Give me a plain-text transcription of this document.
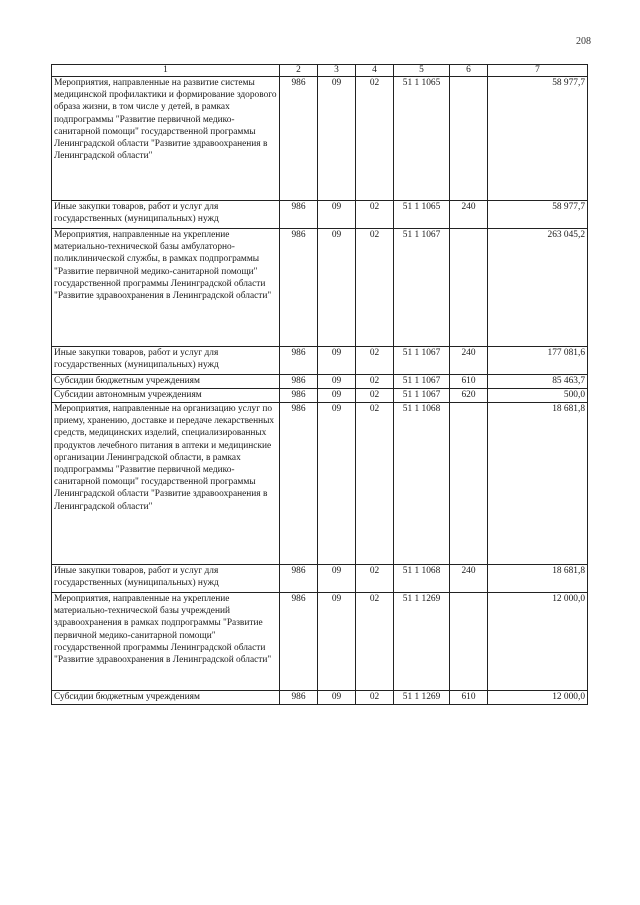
208
1	2	3	4	5	6	7
Мероприятия, направленные на развитие системы медицинской профилактики и формирование здорового образа жизни, в том числе у детей, в рамках подпрограммы "Развитие первичной медико-санитарной помощи" государственной программы Ленинградской области "Развитие здравоохранения в Ленинградской области"	986	09	02	51 1 1065		58 977,7
Иные закупки товаров, работ и услуг для государственных (муниципальных) нужд	986	09	02	51 1 1065	240	58 977,7
Мероприятия, направленные на укрепление материально-технической базы амбулаторно-поликлинической службы, в рамках подпрограммы "Развитие первичной медико-санитарной помощи" государственной программы Ленинградской области "Развитие здравоохранения в Ленинградской области"	986	09	02	51 1 1067		263 045,2
Иные закупки товаров, работ и услуг для государственных (муниципальных) нужд	986	09	02	51 1 1067	240	177 081,6
Субсидии бюджетным учреждениям	986	09	02	51 1 1067	610	85 463,7
Субсидии автономным учреждениям	986	09	02	51 1 1067	620	500,0
Мероприятия, направленные на организацию услуг по приему, хранению, доставке и передаче лекарственных средств, медицинских изделий, специализированных продуктов лечебного питания в аптеки и медицинские организации Ленинградской области, в рамках подпрограммы "Развитие первичной медико-санитарной помощи" государственной программы Ленинградской области "Развитие здравоохранения в Ленинградской области"	986	09	02	51 1 1068		18 681,8
Иные закупки товаров, работ и услуг для государственных (муниципальных) нужд	986	09	02	51 1 1068	240	18 681,8
Мероприятия, направленные на укрепление материально-технической базы учреждений здравоохранения в рамках подпрограммы "Развитие первичной медико-санитарной помощи" государственной программы Ленинградской области "Развитие здравоохранения в Ленинградской области"	986	09	02	51 1 1269		12 000,0
Субсидии бюджетным учреждениям	986	09	02	51 1 1269	610	12 000,0
